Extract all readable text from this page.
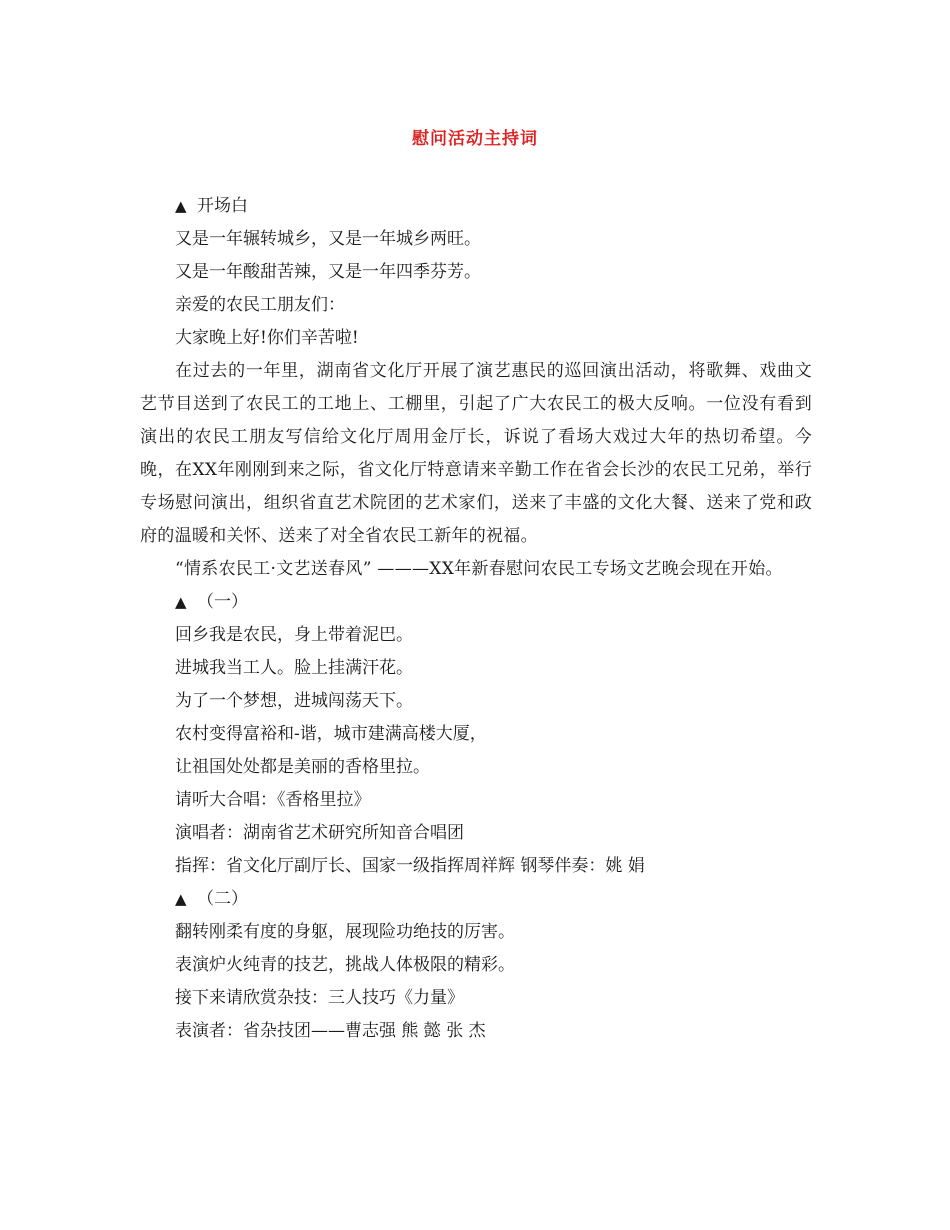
慰问活动主持词
▲ 开场白
又是一年辗转城乡，又是一年城乡两旺。
又是一年酸甜苦辣，又是一年四季芬芳。
亲爱的农民工朋友们：
大家晚上好!你们辛苦啦!
在过去的一年里，湖南省文化厅开展了演艺惠民的巡回演出活动，将歌舞、戏曲文艺节目送到了农民工的工地上、工棚里，引起了广大农民工的极大反响。一位没有看到演出的农民工朋友写信给文化厅周用金厅长，诉说了看场大戏过大年的热切希望。今晚，在XX年刚刚到来之际，省文化厅特意请来辛勤工作在省会长沙的农民工兄弟，举行专场慰问演出，组织省直艺术院团的艺术家们，送来了丰盛的文化大餐、送来了党和政府的温暖和关怀、送来了对全省农民工新年的祝福。
“情系农民工·文艺送春风” ———XX年新春慰问农民工专场文艺晚会现在开始。
▲ （一）
回乡我是农民，身上带着泥巴。
进城我当工人。脸上挂满汗花。
为了一个梦想，进城闯荡天下。
农村变得富裕和-谐，城市建满高楼大厦，
让祖国处处都是美丽的香格里拉。
请听大合唱：《香格里拉》
演唱者：湖南省艺术研究所知音合唱团
指挥：省文化厅副厅长、国家一级指挥周祥辉 钢琴伴奏：姚 娟
▲ （二）
翻转刚柔有度的身躯，展现险功绝技的厉害。
表演炉火纯青的技艺，挑战人体极限的精彩。
接下来请欣赏杂技：三人技巧《力量》
表演者：省杂技团——曹志强 熊 懿 张 杰
